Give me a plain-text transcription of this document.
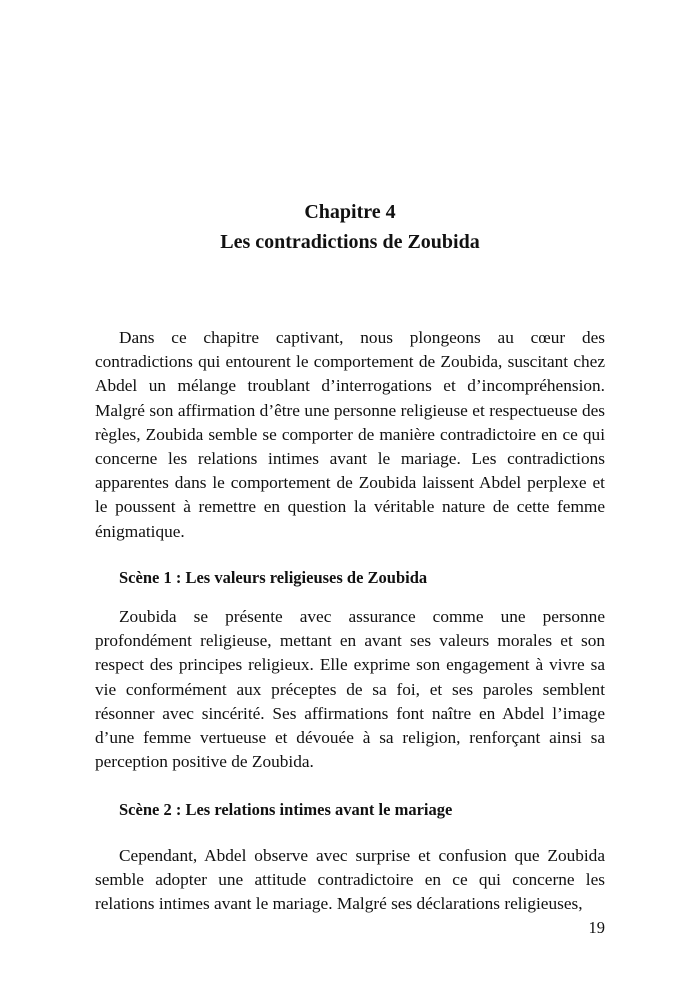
Chapitre 4
Les contradictions de Zoubida

Dans ce chapitre captivant, nous plongeons au cœur des contradictions qui entourent le comportement de Zoubida, suscitant chez Abdel un mélange troublant d’interrogations et d’incompréhension. Malgré son affirmation d’être une personne religieuse et respectueuse des règles, Zoubida semble se comporter de manière contradictoire en ce qui concerne les relations intimes avant le mariage. Les contradictions apparentes dans le comportement de Zoubida laissent Abdel perplexe et le poussent à remettre en question la véritable nature de cette femme énigmatique.

Scène 1 : Les valeurs religieuses de Zoubida

Zoubida se présente avec assurance comme une personne profondément religieuse, mettant en avant ses valeurs morales et son respect des principes religieux. Elle exprime son engagement à vivre sa vie conformément aux préceptes de sa foi, et ses paroles semblent résonner avec sincérité. Ses affirmations font naître en Abdel l’image d’une femme vertueuse et dévouée à sa religion, renforçant ainsi sa perception positive de Zoubida.

Scène 2 : Les relations intimes avant le mariage

Cependant, Abdel observe avec surprise et confusion que Zoubida semble adopter une attitude contradictoire en ce qui concerne les relations intimes avant le mariage. Malgré ses déclarations religieuses,

19
